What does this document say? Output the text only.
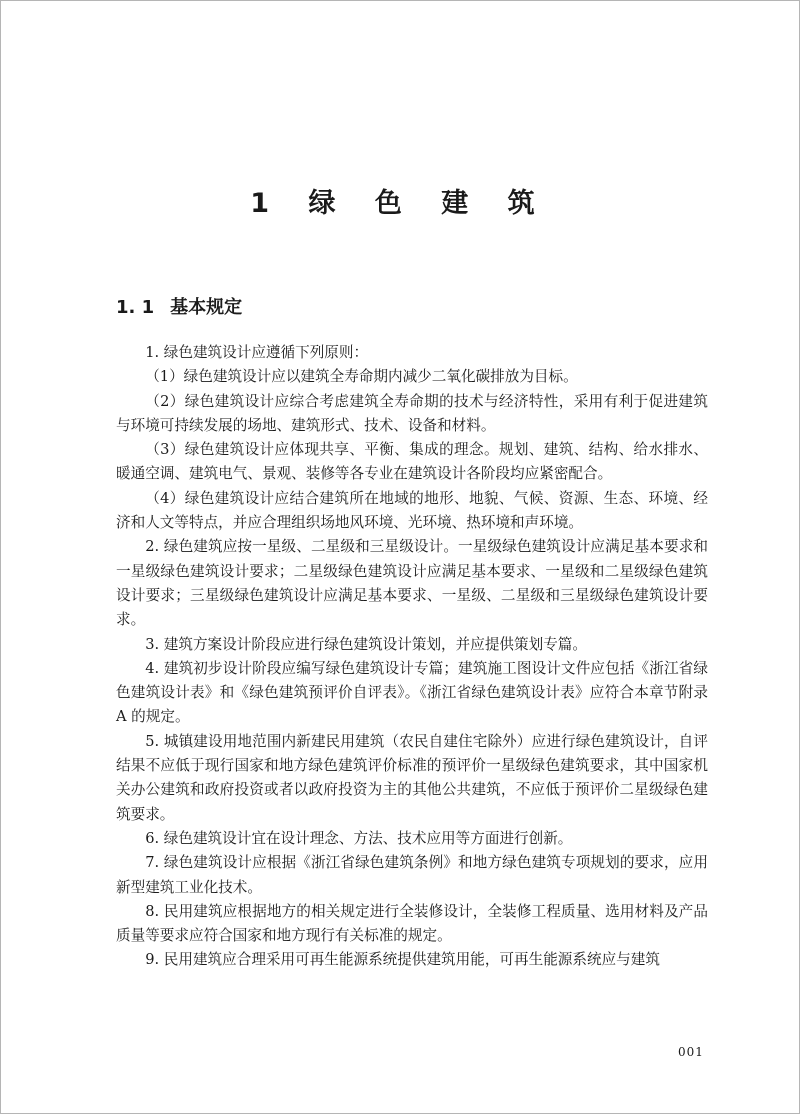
1 绿 色 建 筑
1. 1 基本规定

1. 绿色建筑设计应遵循下列原则：

（1）绿色建筑设计应以建筑全寿命期内减少二氧化碳排放为目标。

（2）绿色建筑设计应综合考虑建筑全寿命期的技术与经济特性，采用有利于促进建筑与环境可持续发展的场地、建筑形式、技术、设备和材料。

（3）绿色建筑设计应体现共享、平衡、集成的理念。规划、建筑、结构、给水排水、暖通空调、建筑电气、景观、装修等各专业在建筑设计各阶段均应紧密配合。

（4）绿色建筑设计应结合建筑所在地域的地形、地貌、气候、资源、生态、环境、经济和人文等特点，并应合理组织场地风环境、光环境、热环境和声环境。

2. 绿色建筑应按一星级、二星级和三星级设计。一星级绿色建筑设计应满足基本要求和一星级绿色建筑设计要求；二星级绿色建筑设计应满足基本要求、一星级和二星级绿色建筑设计要求；三星级绿色建筑设计应满足基本要求、一星级、二星级和三星级绿色建筑设计要求。

3. 建筑方案设计阶段应进行绿色建筑设计策划，并应提供策划专篇。

4. 建筑初步设计阶段应编写绿色建筑设计专篇；建筑施工图设计文件应包括《浙江省绿色建筑设计表》和《绿色建筑预评价自评表》。《浙江省绿色建筑设计表》应符合本章节附录 A 的规定。

5. 城镇建设用地范围内新建民用建筑（农民自建住宅除外）应进行绿色建筑设计，自评结果不应低于现行国家和地方绿色建筑评价标准的预评价一星级绿色建筑要求，其中国家机关办公建筑和政府投资或者以政府投资为主的其他公共建筑，不应低于预评价二星级绿色建筑要求。

6. 绿色建筑设计宜在设计理念、方法、技术应用等方面进行创新。

7. 绿色建筑设计应根据《浙江省绿色建筑条例》和地方绿色建筑专项规划的要求，应用新型建筑工业化技术。

8. 民用建筑应根据地方的相关规定进行全装修设计，全装修工程质量、选用材料及产品质量等要求应符合国家和地方现行有关标准的规定。

9. 民用建筑应合理采用可再生能源系统提供建筑用能，可再生能源系统应与建筑

001
